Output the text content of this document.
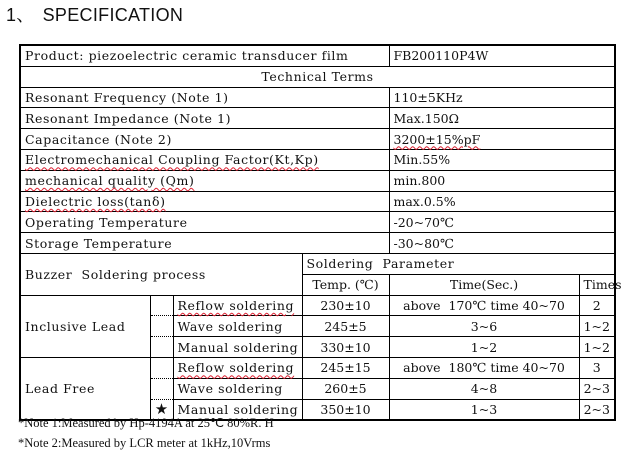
1、 SPECIFICATION
Product: piezoelectric ceramic transducer film				FB200110P4W	
Technical Terms					
Resonant Frequency (Note 1)				110±5KHz	
Resonant Impedance (Note 1)				Max.150Ω	
Capacitance (Note 2)				3200±15%pF	
Electromechanical Coupling Factor(Kt,Kp)				Min.55%	
mechanical quality (Qm)				min.800	
Dielectric loss(tanδ)				max.0.5%	
Operating Temperature				-20~70℃	
Storage Temperature				-30~80℃	
Buzzer  Soldering process			Soldering  Parameter		
			Temp. (℃)	Time(Sec.)	Times
Inclusive Lead		Reflow soldering	230±10	above  170℃ time 40~70	2
		Wave soldering	245±5	3~6	1~2
		Manual soldering	330±10	1~2	1~2
Lead Free		Reflow soldering	245±15	above  180℃ time 40~70	3
		Wave soldering	260±5	4~8	2~3
	★	Manual soldering	350±10	1~3	2~3
*Note 1:Measured by Hp-4194A at 25℃ 80%R. H
*Note 2:Measured by LCR meter at 1kHz,10Vrms
